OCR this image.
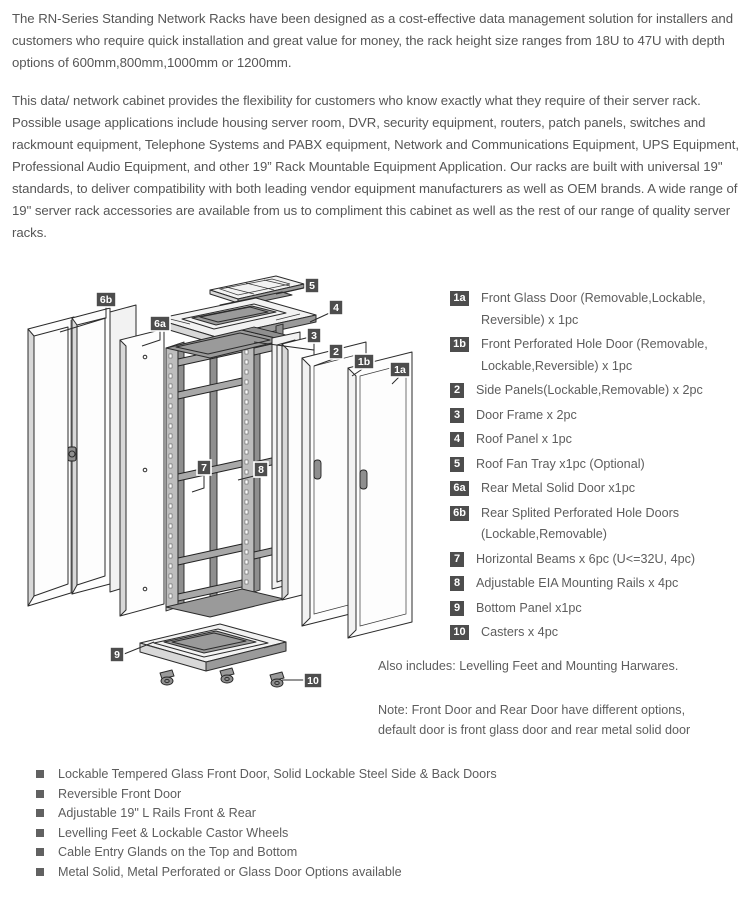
The RN-Series Standing Network Racks have been designed as a cost-effective data management solution for installers and customers who require quick installation and great value for money, the rack height size ranges from 18U to 47U with depth options of 600mm,800mm,1000mm or 1200mm.

This data/ network cabinet provides the flexibility for customers who know exactly what they require of their server rack. Possible usage applications include housing server room, DVR, security equipment, routers, patch panels, switches and rackmount equipment, Telephone Systems and PABX equipment, Network and Communications Equipment, UPS Equipment, Professional Audio Equipment, and other 19” Rack Mountable Equipment Application. Our racks are built with universal 19" standards, to deliver compatibility with both leading vendor equipment manufacturers as well as OEM brands. A wide range of 19" server rack accessories are available from us to compliment this cabinet as well as the rest of our range of quality server racks.

6b
5
4
6a
3
2
1b
1a
7	8
9
10
1a Front Glass Door (Removable,Lockable, Reversible) x 1pc
1b Front Perforated Hole Door (Removable, Lockable,Reversible) x 1pc
2	Side Panels(Lockable,Removable) x 2pc
3	Door Frame x 2pc
4	Roof Panel x 1pc
5	Roof Fan Tray x1pc (Optional)
6a Rear Metal Solid Door x1pc
6b Rear Splited Perforated Hole Doors (Lockable,Removable)
7	Horizontal Beams x 6pc (U<=32U, 4pc)
8	Adjustable EIA Mounting Rails x 4pc
9	Bottom Panel x1pc
10 Casters x 4pc

Also includes: Levelling Feet and Mounting Harwares.

Note: Front Door and Rear Door have different options,

default door is front glass door and rear metal solid door

Lockable Tempered Glass Front Door, Solid Lockable Steel Side & Back Doors
Reversible Front Door
Adjustable 19" L Rails Front & Rear
Levelling Feet & Lockable Castor Wheels
Cable Entry Glands on the Top and Bottom
Metal Solid, Metal Perforated or Glass Door Options available
